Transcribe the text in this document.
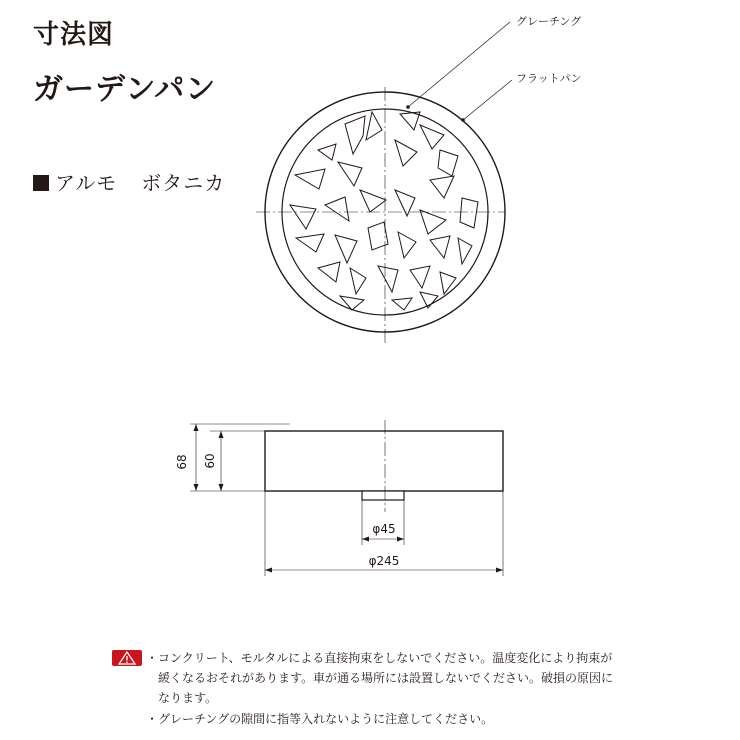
寸法図
ガーデンパン
アルモ ボタニカ
グレーチング
フラットパン
68 60
φ45
φ245
・コンクリート、モルタルによる直接拘束をしないでください。温度変化により拘束が
緩くなるおそれがあります。車が通る場所には設置しないでください。破損の原因に
なります。
・グレーチングの隙間に指等入れないように注意してください。
